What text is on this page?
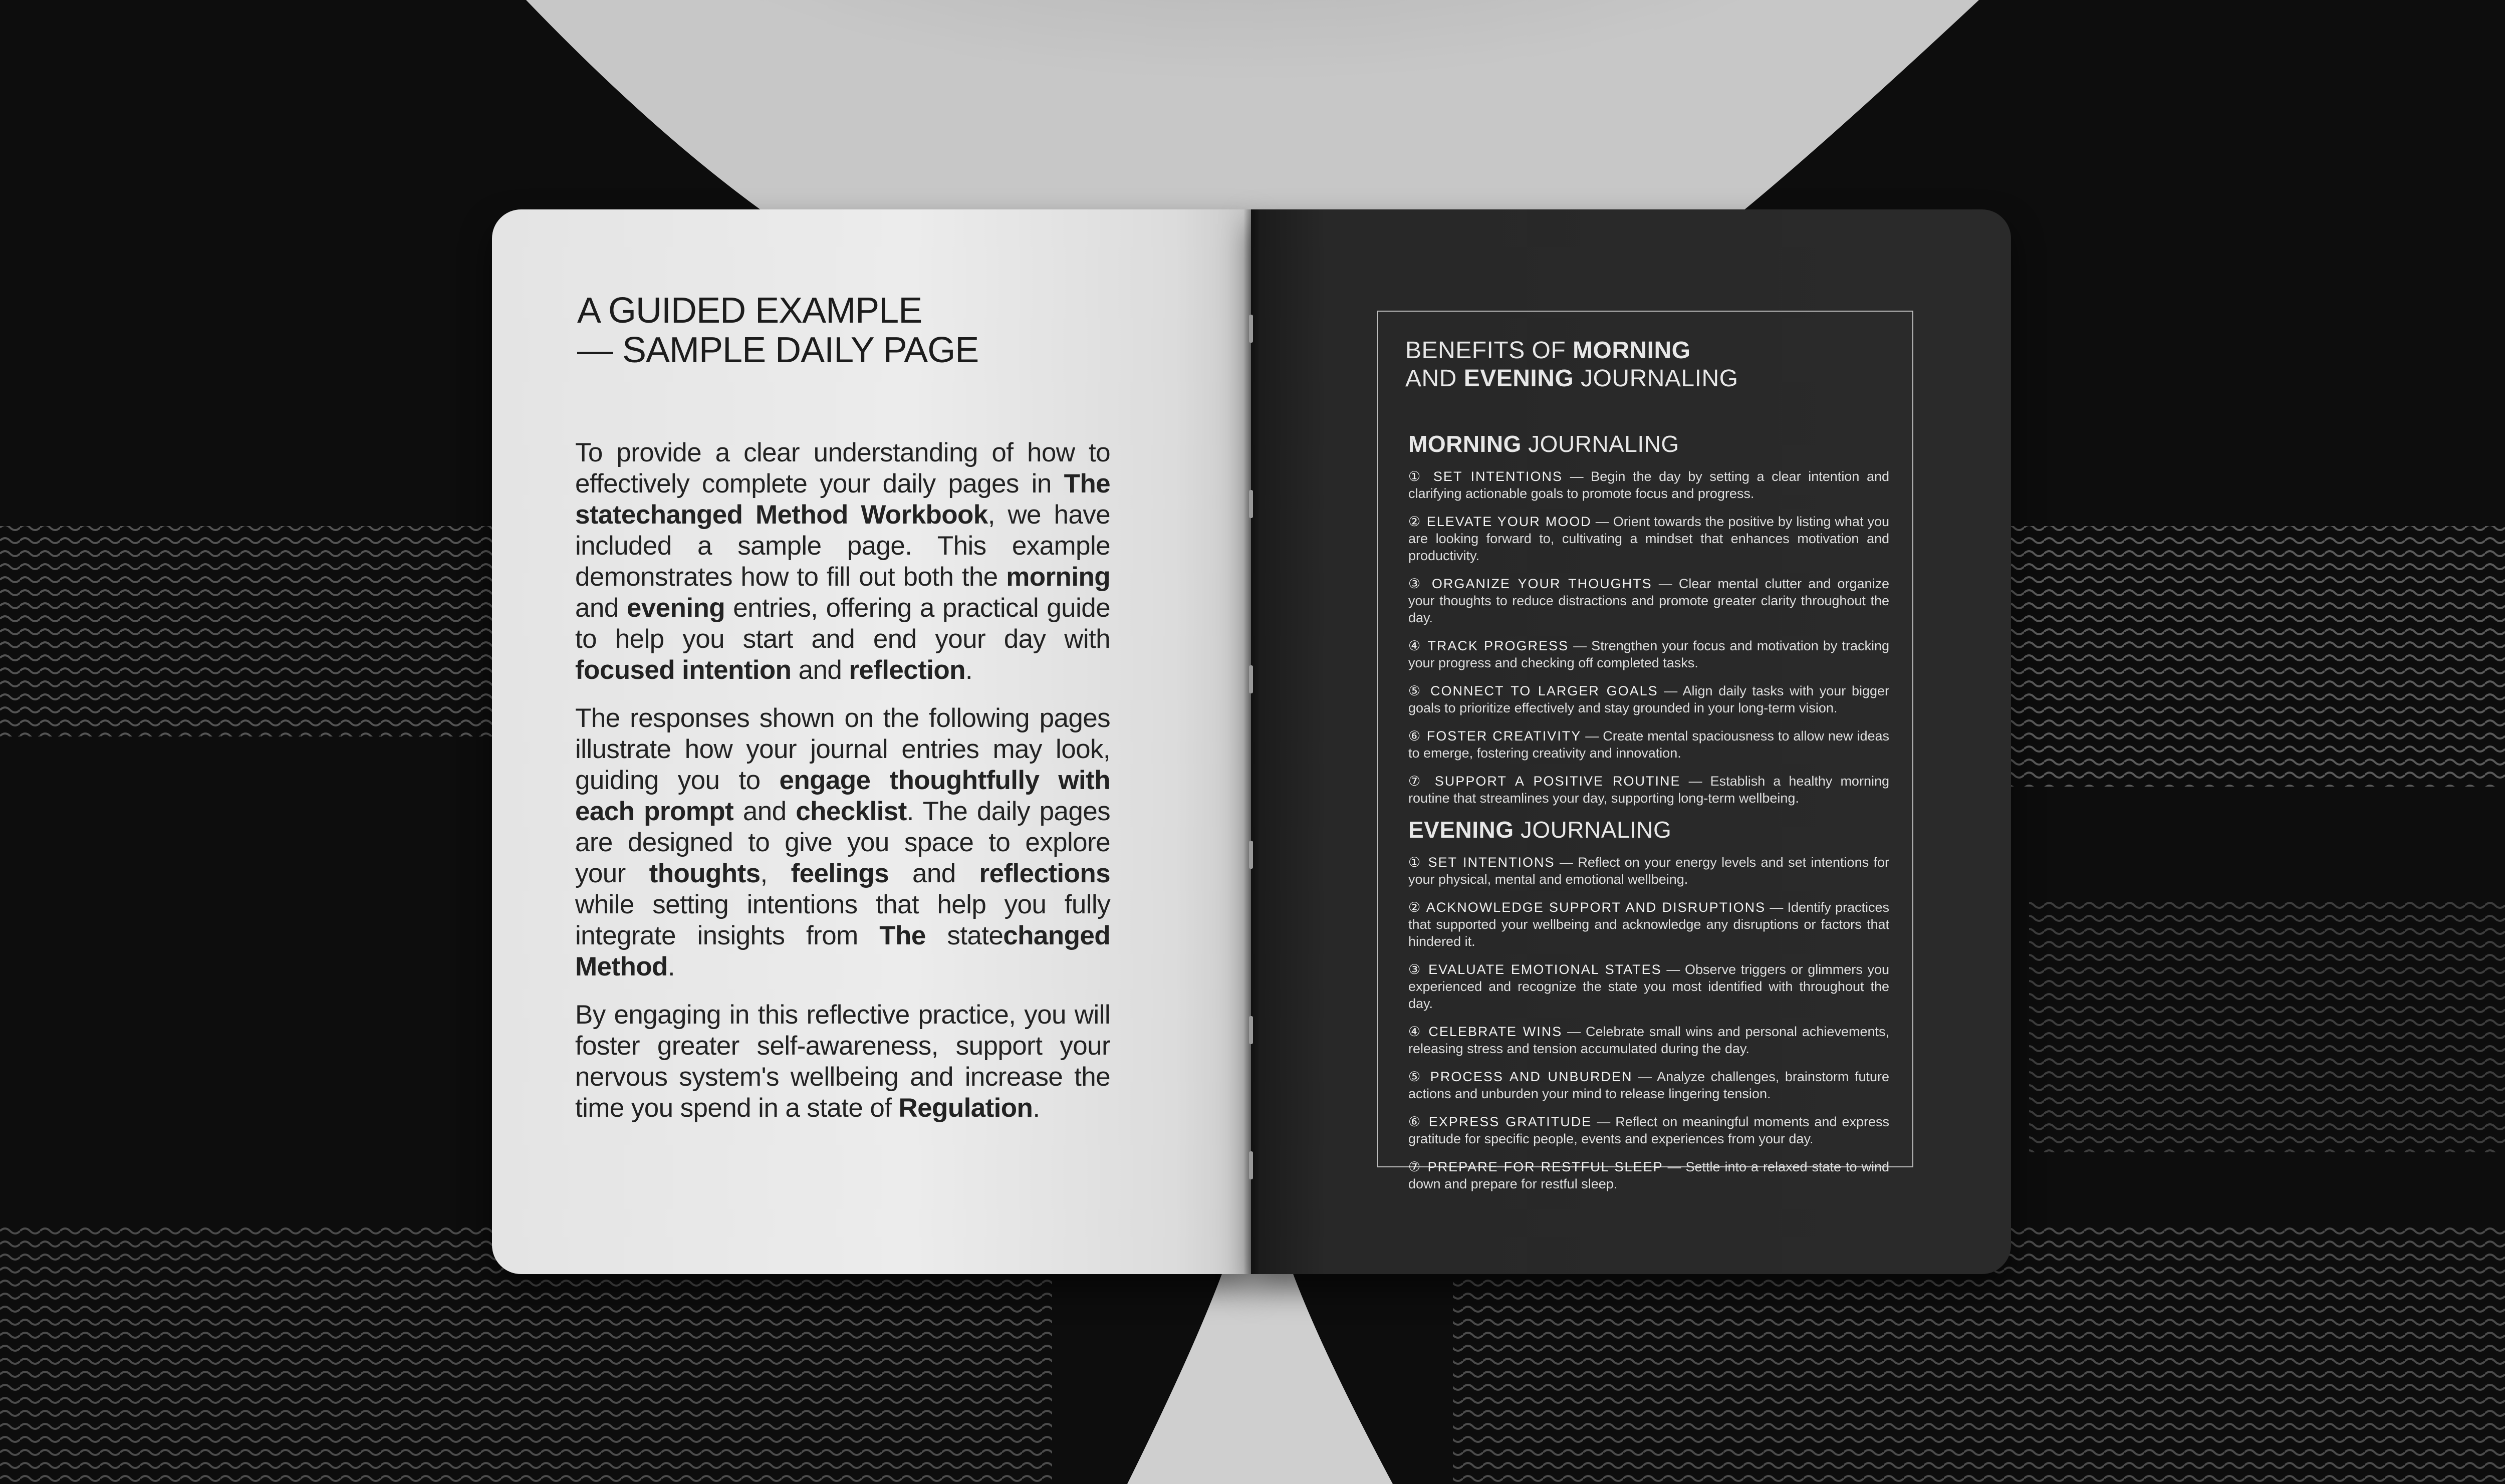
A GUIDED EXAMPLE
— SAMPLE DAILY PAGE

To provide a clear understanding of how to effectively complete your daily pages in The statechanged Method Workbook, we have included a sample page. This example demonstrates how to fill out both the morning and evening entries, offering a practical guide to help you start and end your day with focused intention and reflection.

The responses shown on the following pages illustrate how your journal entries may look, guiding you to engage thoughtfully with each prompt and checklist. The daily pages are designed to give you space to explore your thoughts, feelings and reflections while setting intentions that help you fully integrate insights from The statechanged Method.

By engaging in this reflective practice, you will foster greater self-awareness, support your nervous system's wellbeing and increase the time you spend in a state of Regulation.

BENEFITS OF MORNING
AND EVENING JOURNALING
MORNING JOURNALING
① SET INTENTIONS — Begin the day by setting a clear intention and clarifying actionable goals to promote focus and progress.
② ELEVATE YOUR MOOD — Orient towards the positive by listing what you are looking forward to, cultivating a mindset that enhances motivation and productivity.
③ ORGANIZE YOUR THOUGHTS — Clear mental clutter and organize your thoughts to reduce distractions and promote greater clarity throughout the day.
④ TRACK PROGRESS — Strengthen your focus and motivation by tracking your progress and checking off completed tasks.
⑤ CONNECT TO LARGER GOALS — Align daily tasks with your bigger goals to prioritize effectively and stay grounded in your long-term vision.
⑥ FOSTER CREATIVITY — Create mental spaciousness to allow new ideas to emerge, fostering creativity and innovation.
⑦ SUPPORT A POSITIVE ROUTINE — Establish a healthy morning routine that streamlines your day, supporting long-term wellbeing.
EVENING JOURNALING
① SET INTENTIONS — Reflect on your energy levels and set intentions for your physical, mental and emotional wellbeing.
② ACKNOWLEDGE SUPPORT AND DISRUPTIONS — Identify practices that supported your wellbeing and acknowledge any disruptions or factors that hindered it.
③ EVALUATE EMOTIONAL STATES — Observe triggers or glimmers you experienced and recognize the state you most identified with throughout the day.
④ CELEBRATE WINS — Celebrate small wins and personal achievements, releasing stress and tension accumulated during the day.
⑤ PROCESS AND UNBURDEN — Analyze challenges, brainstorm future actions and unburden your mind to release lingering tension.
⑥ EXPRESS GRATITUDE — Reflect on meaningful moments and express gratitude for specific people, events and experiences from your day.
⑦ PREPARE FOR RESTFUL SLEEP — Settle into a relaxed state to wind down and prepare for restful sleep.
